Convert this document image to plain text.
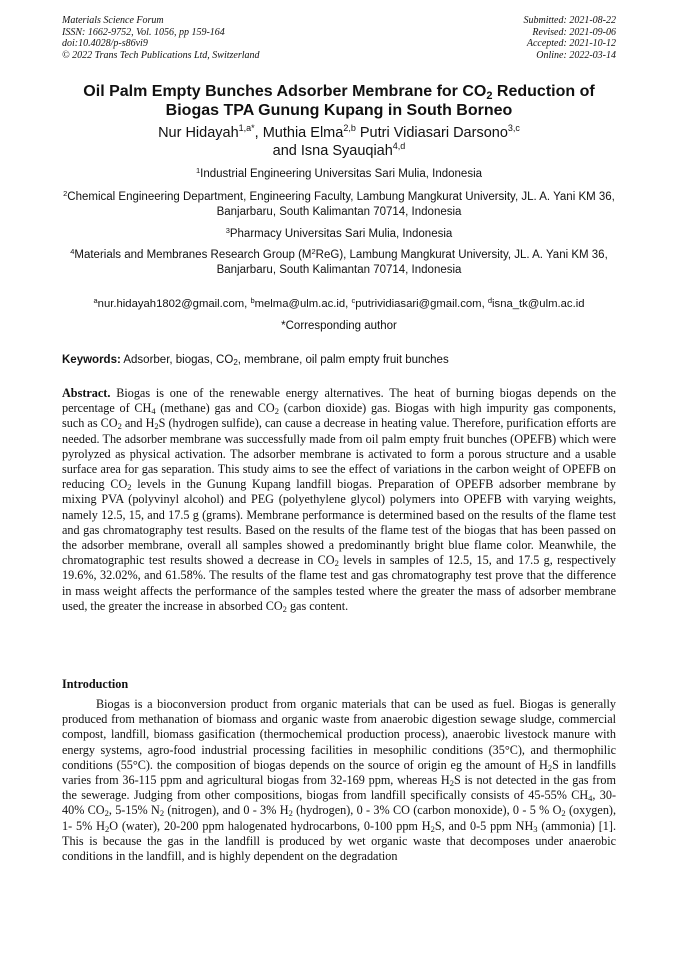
Materials Science Forum
ISSN: 1662-9752, Vol. 1056, pp 159-164
doi:10.4028/p-s86vi9
© 2022 Trans Tech Publications Ltd, Switzerland
Submitted: 2021-08-22
Revised: 2021-09-06
Accepted: 2021-10-12
Online: 2022-03-14
Oil Palm Empty Bunches Adsorber Membrane for $CO_2$ Reduction of
Biogas TPA Gunung Kupang in South Borneo
Nur Hidayah$^{1,a*}$, Muthia Elma$^{2,b}$ Putri Vidiasari Darsono$^{3,c}$
and Isna Syauqiah$^{4,d}$
$^1$Industrial Engineering Universitas Sari Mulia, Indonesia
$^2$Chemical Engineering Department, Engineering Faculty, Lambung Mangkurat University, JL. A. Yani KM 36, Banjarbaru, South Kalimantan 70714, Indonesia
$^3$Pharmacy Universitas Sari Mulia, Indonesia
$^4$Materials and Membranes Research Group $(M^2ReG)$, Lambung Mangkurat University, JL. A. Yani KM 36, Banjarbaru, South Kalimantan 70714, Indonesia
$^a$nur.hidayah1802@gmail.com, $^b$melma@ulm.ac.id, $^c$putrividiasari@gmail.com, $^d$isna_tk@ulm.ac.id
*Corresponding author
Keywords: Adsorber, biogas, $CO_2$, membrane, oil palm empty fruit bunches
Abstract. Biogas is one of the renewable energy alternatives. The heat of burning biogas depends on the percentage of $CH_4$ (methane) gas and $CO_2$ (carbon dioxide) gas. Biogas with high impurity gas components, such as $CO_2$ and $H_2S$ (hydrogen sulfide), can cause a decrease in heating value. Therefore, purification efforts are needed. The adsorber membrane was successfully made from oil palm empty fruit bunches (OPEFB) which were pyrolyzed as physical activation. The adsorber membrane is activated to form a porous structure and a usable surface area for gas separation. This study aims to see the effect of variations in the carbon weight of OPEFB on reducing $CO_2$ levels in the Gunung Kupang landfill biogas. Preparation of OPEFB adsorber membrane by mixing PVA (polyvinyl alcohol) and PEG (polyethylene glycol) polymers into OPEFB with varying weights, namely 12.5, 15, and 17.5 g (grams). Membrane performance is determined based on the results of the flame test and gas chromatography test results. Based on the results of the flame test of the biogas that has been passed on the adsorber membrane, overall all samples showed a predominantly bright blue flame color. Meanwhile, the chromatographic test results showed a decrease in $CO_2$ levels in samples of 12.5, 15, and 17.5 g, respectively 19.6%, 32.02%, and 61.58%. The results of the flame test and gas chromatography test prove that the difference in mass weight affects the performance of the samples tested where the greater the mass of adsorber membrane used, the greater the increase in absorbed $CO_2$ gas content.
Introduction
Biogas is a bioconversion product from organic materials that can be used as fuel. Biogas is generally produced from methanation of biomass and organic waste from anaerobic digestion sewage sludge, commercial compost, landfill, biomass gasification (thermochemical production process), anaerobic livestock manure with energy systems, agro-food industrial processing facilities in mesophilic conditions (35°C), and thermophilic conditions (55°C). the composition of biogas depends on the source of origin eg the amount of $H_2S$ in landfills varies from 36-115 ppm and agricultural biogas from 32-169 ppm, whereas $H_2S$ is not detected in the gas from the sewerage. Judging from other compositions, biogas from landfill specifically consists of 45-55% $CH_4$, 30-40% $CO_2$, 5-15% $N_2$ (nitrogen), and 0 - 3% $H_2$ (hydrogen), 0 - 3% CO (carbon monoxide), 0 - 5 % $O_2$ (oxygen), 1- 5% $H_2O$ (water), 20-200 ppm halogenated hydrocarbons, 0-100 ppm $H_2S$, and 0-5 ppm $NH_3$ (ammonia) [1]. This is because the gas in the landfill is produced by wet organic waste that decomposes under anaerobic conditions in the landfill, and is highly dependent on the degradation
